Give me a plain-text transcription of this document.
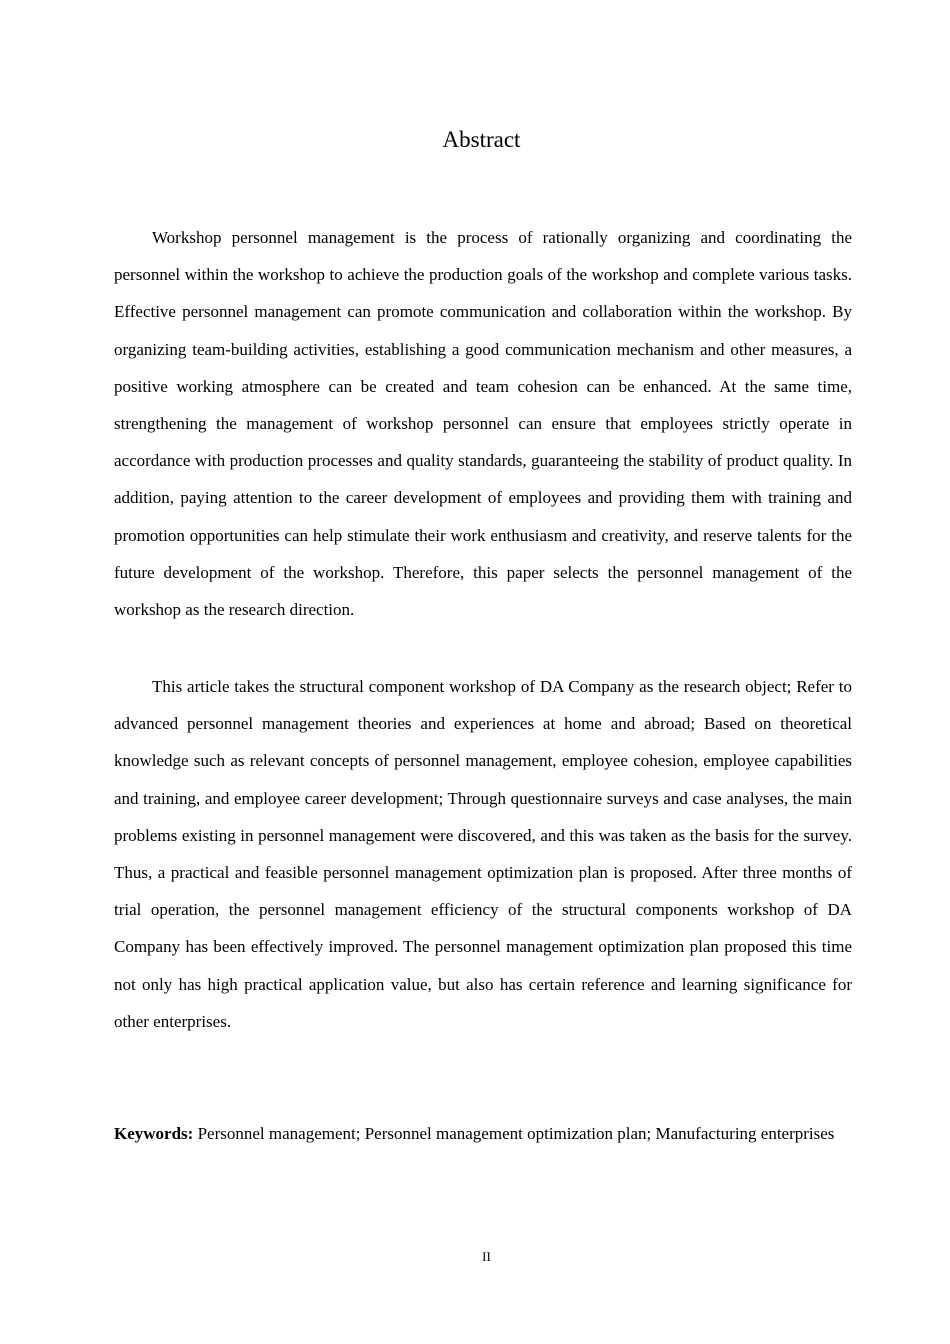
Abstract

Workshop personnel management is the process of rationally organizing and coordinating the personnel within the workshop to achieve the production goals of the workshop and complete various tasks. Effective personnel management can promote communication and collaboration within the workshop. By organizing team-building activities, establishing a good communication mechanism and other measures, a positive working atmosphere can be created and team cohesion can be enhanced. At the same time, strengthening the management of workshop personnel can ensure that employees strictly operate in accordance with production processes and quality standards, guaranteeing the stability of product quality. In addition, paying attention to the career development of employees and providing them with training and promotion opportunities can help stimulate their work enthusiasm and creativity, and reserve talents for the future development of the workshop. Therefore, this paper selects the personnel management of the workshop as the research direction.

This article takes the structural component workshop of DA Company as the research object; Refer to advanced personnel management theories and experiences at home and abroad; Based on theoretical knowledge such as relevant concepts of personnel management, employee cohesion, employee capabilities and training, and employee career development; Through questionnaire surveys and case analyses, the main problems existing in personnel management were discovered, and this was taken as the basis for the survey. Thus, a practical and feasible personnel management optimization plan is proposed. After three months of trial operation, the personnel management efficiency of the structural components workshop of DA Company has been effectively improved. The personnel management optimization plan proposed this time not only has high practical application value, but also has certain reference and learning significance for other enterprises.

Keywords: Personnel management; Personnel management optimization plan; Manufacturing enterprises

II
